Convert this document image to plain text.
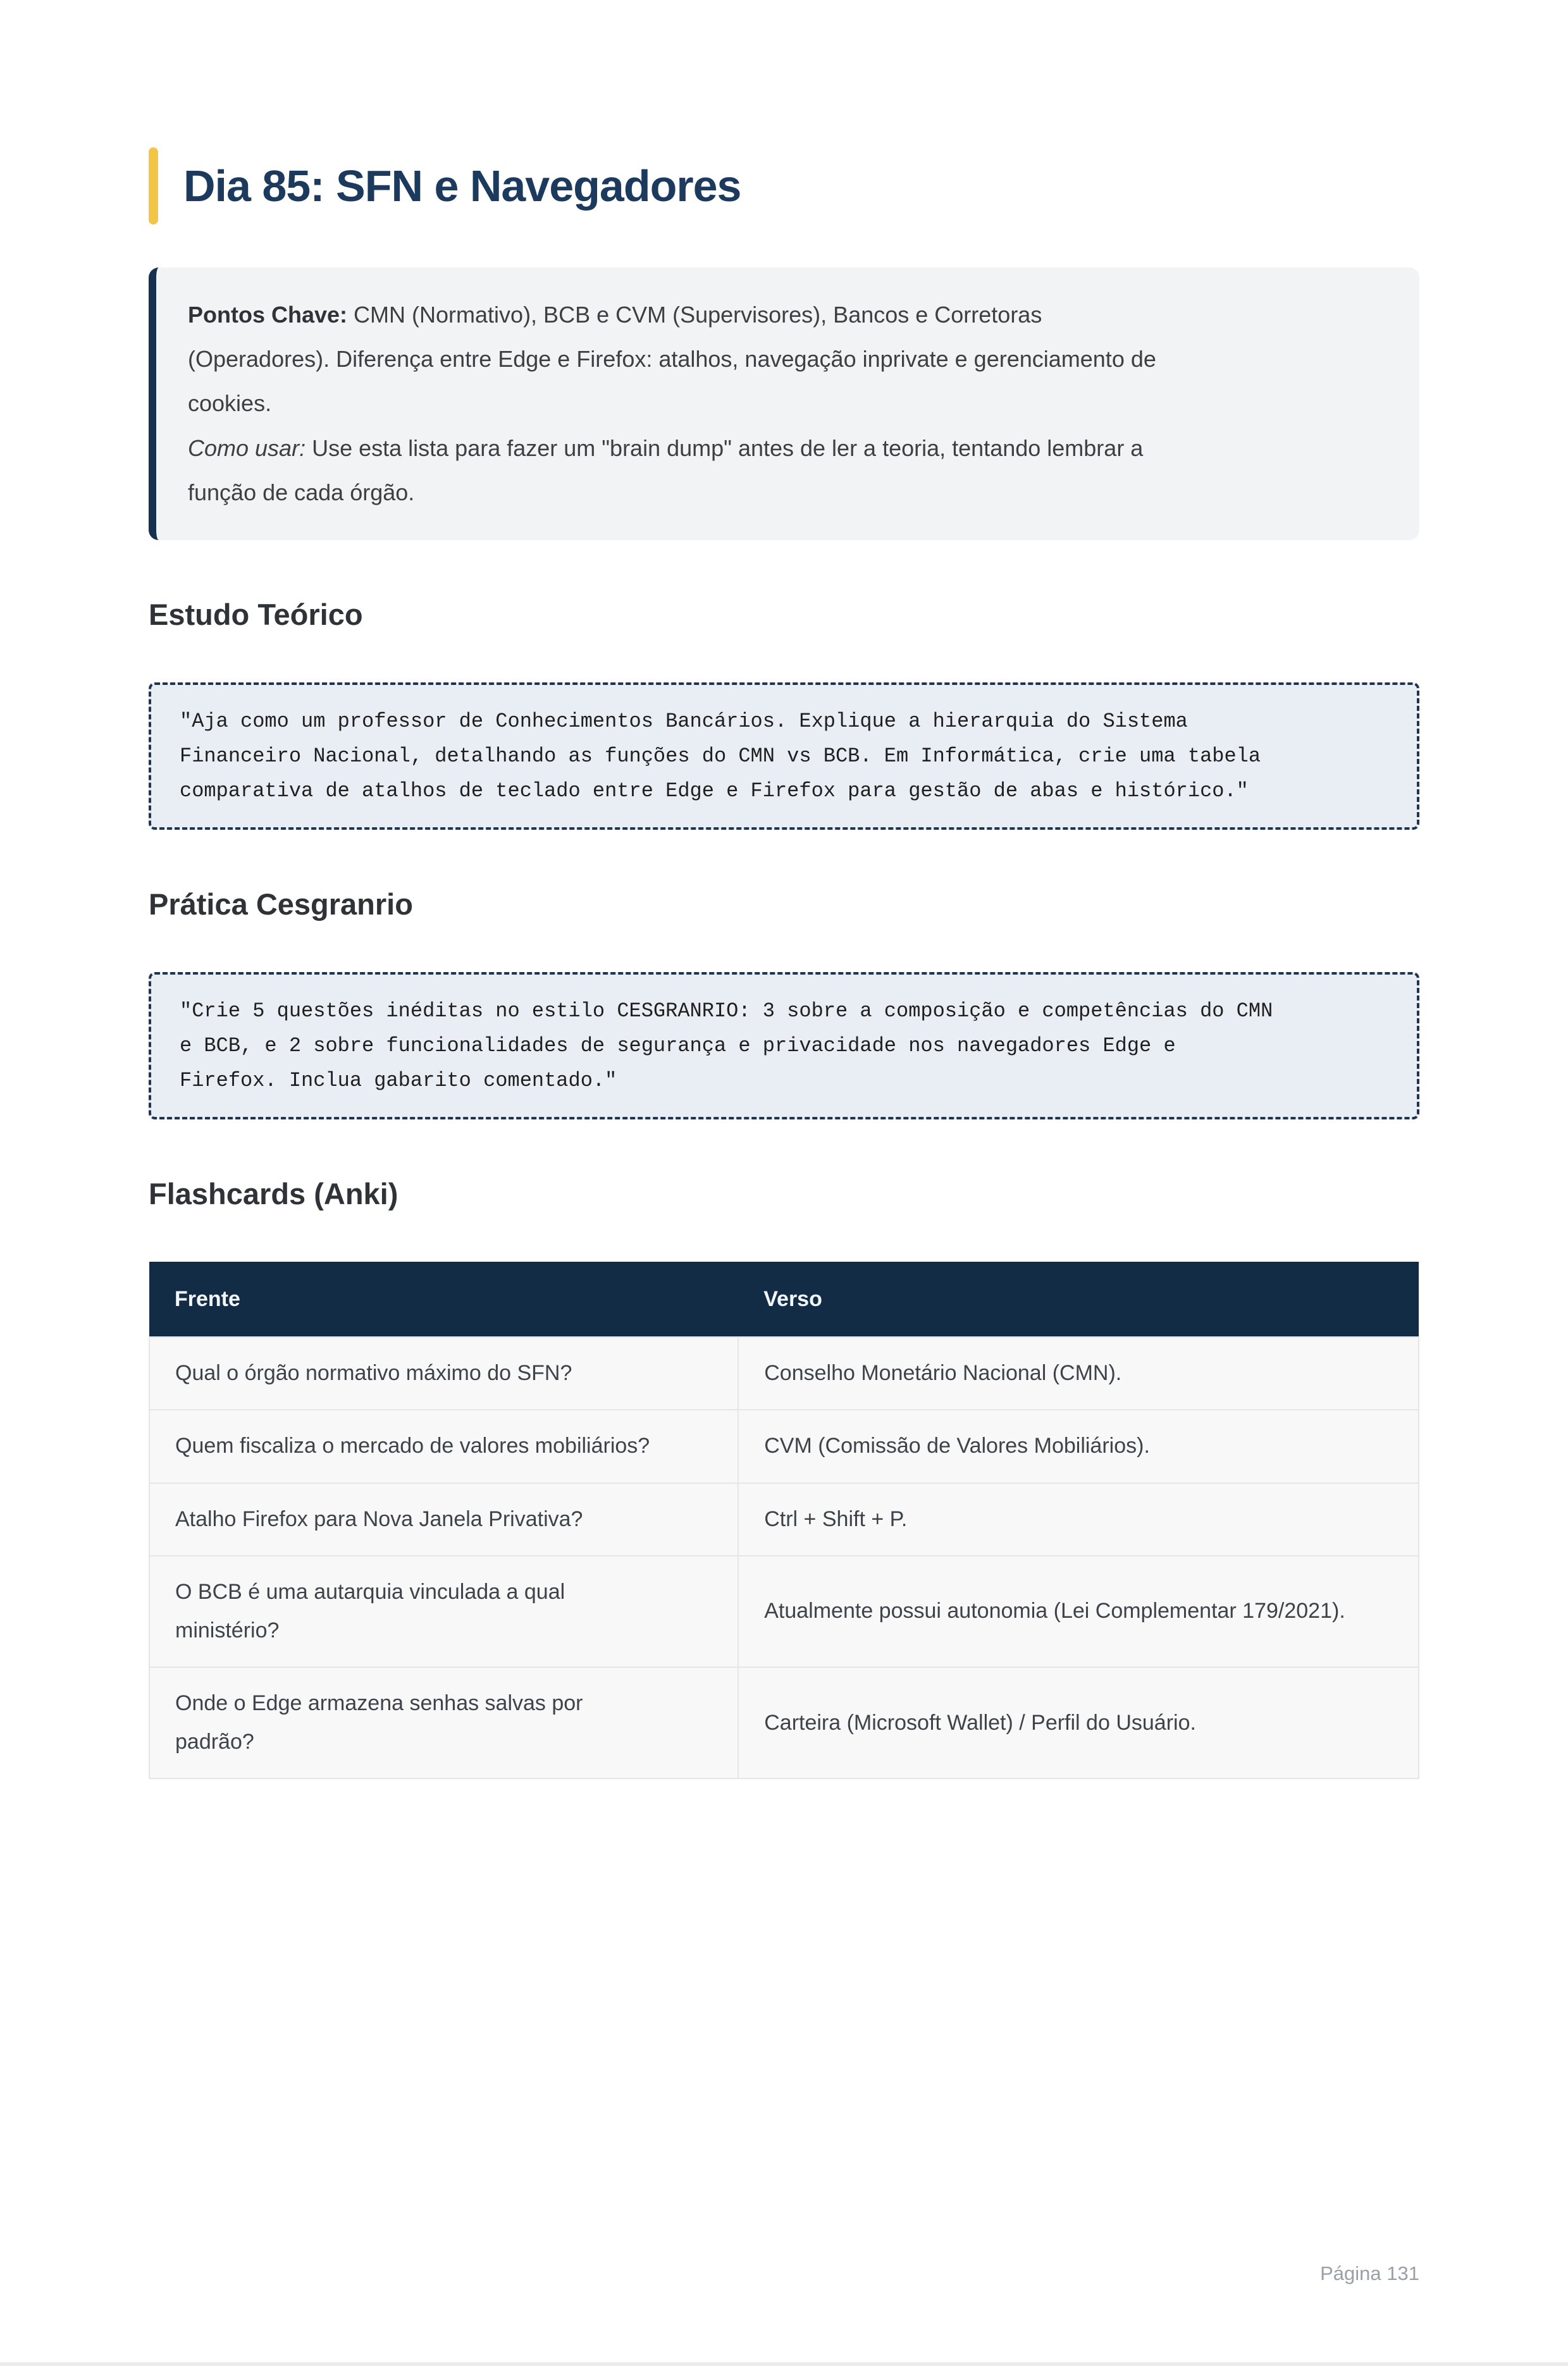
Dia 85: SFN e Navegadores

Pontos Chave: CMN (Normativo), BCB e CVM (Supervisores), Bancos e Corretoras (Operadores). Diferença entre Edge e Firefox: atalhos, navegação inprivate e gerenciamento de cookies.

Como usar: Use esta lista para fazer um "brain dump" antes de ler a teoria, tentando lembrar a função de cada órgão.

Estudo Teórico
"Aja como um professor de Conhecimentos Bancários. Explique a hierarquia do Sistema Financeiro Nacional, detalhando as funções do CMN vs BCB. Em Informática, crie uma tabela comparativa de atalhos de teclado entre Edge e Firefox para gestão de abas e histórico."
Prática Cesgranrio
"Crie 5 questões inéditas no estilo CESGRANRIO: 3 sobre a composição e competências do CMN e BCB, e 2 sobre funcionalidades de segurança e privacidade nos navegadores Edge e Firefox. Inclua gabarito comentado."
Flashcards (Anki)
Frente	Verso

Qual o órgão normativo máximo do SFN?	Conselho Monetário Nacional (CMN).

Quem fiscaliza o mercado de valores mobiliários?	CVM (Comissão de Valores Mobiliários).

Atalho Firefox para Nova Janela Privativa?	Ctrl + Shift + P.

O BCB é uma autarquia vinculada a qual ministério?	Atualmente possui autonomia (Lei Complementar 179/2021).

Onde o Edge armazena senhas salvas por padrão?	Carteira (Microsoft Wallet) / Perfil do Usuário.
Página 131
